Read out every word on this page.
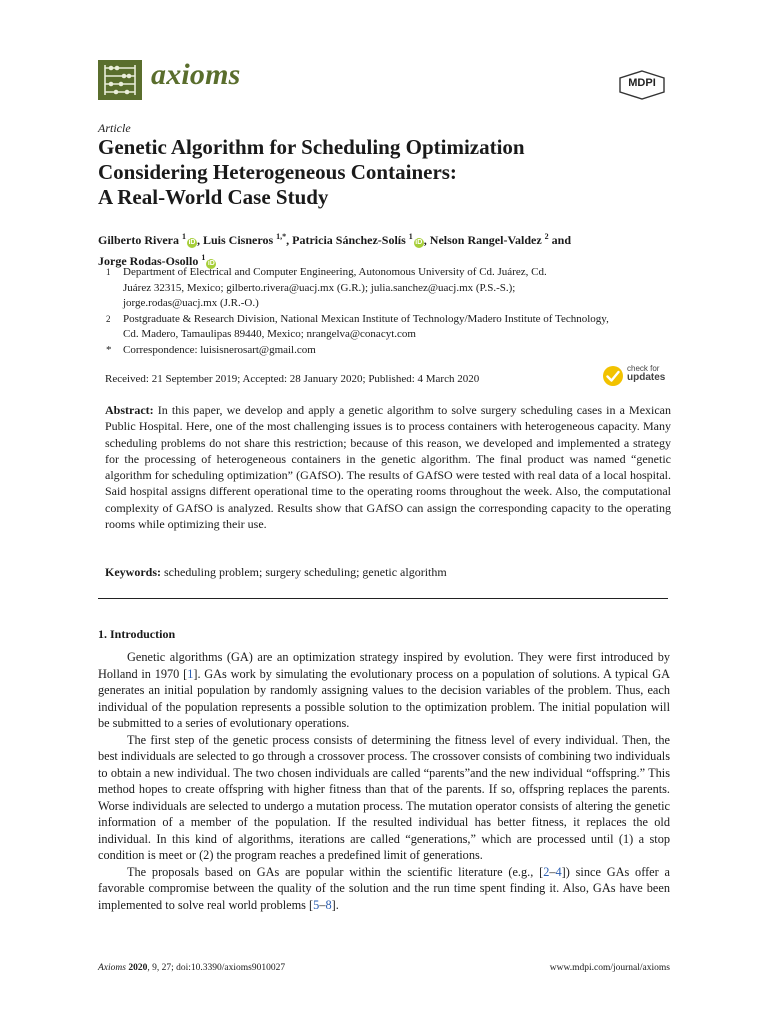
axioms	MDPI
Article
Genetic Algorithm for Scheduling Optimization
Considering Heterogeneous Containers:
A Real-World Case Study
Gilberto Rivera $^1$iD , Luis Cisneros $^{1,*}$, Patricia Sánchez-Solís $^1$iD , Nelson Rangel-Valdez $^2$ and
Jorge Rodas-Osollo $^1$iD
1	Department of Electrical and Computer Engineering, Autonomous University of Cd. Juárez, Cd.
Juárez 32315, Mexico; gilberto.rivera@uacj.mx (G.R.); julia.sanchez@uacj.mx (P.S.-S.);
jorge.rodas@uacj.mx (J.R.-O.)
2	Postgraduate & Research Division, National Mexican Institute of Technology/Madero Institute of Technology,
Cd. Madero, Tamaulipas 89440, Mexico; nrangelva@conacyt.com
*	Correspondence: luisisnerosart@gmail.com
Received: 21 September 2019; Accepted: 28 January 2020; Published: 4 March 2020
check for
updates
Abstract: In this paper, we develop and apply a genetic algorithm to solve surgery scheduling cases in a Mexican Public Hospital. Here, one of the most challenging issues is to process containers with heterogeneous capacity. Many scheduling problems do not share this restriction; because of this reason, we developed and implemented a strategy for the processing of heterogeneous containers in the genetic algorithm. The final product was named “genetic algorithm for scheduling optimization” (GAfSO). The results of GAfSO were tested with real data of a local hospital. Said hospital assigns different operational time to the operating rooms throughout the week. Also, the computational complexity of GAfSO is analyzed. Results show that GAfSO can assign the corresponding capacity to the operating rooms while optimizing their use.
Keywords: scheduling problem; surgery scheduling; genetic algorithm
1. Introduction

Genetic algorithms (GA) are an optimization strategy inspired by evolution. They were first introduced by Holland in 1970 [1]. GAs work by simulating the evolutionary process on a population of solutions. A typical GA generates an initial population by randomly assigning values to the decision variables of the problem. Thus, each individual of the population represents a possible solution to the optimization problem. The initial population will be submitted to a series of evolutionary operations.

The first step of the genetic process consists of determining the fitness level of every individual. Then, the best individuals are selected to go through a crossover process. The crossover consists of combining two individuals to obtain a new individual. The two chosen individuals are called “parents”and the new individual “offspring.” This method hopes to create offspring with higher fitness than that of the parents. If so, offspring replaces the parents. Worse individuals are selected to undergo a mutation process. The mutation operator consists of altering the genetic information of a member of the population. If the resulted individual has better fitness, it replaces the old individual. In this kind of algorithms, iterations are called “generations,” which are processed until (1) a stop condition is meet or (2) the program reaches a predefined limit of generations.

The proposals based on GAs are popular within the scientific literature (e.g., [2–4]) since GAs offer a favorable compromise between the quality of the solution and the run time spent finding it. Also, GAs have been implemented to solve real world problems [5–8].

Axioms 2020, 9, 27; doi:10.3390/axioms9010027	www.mdpi.com/journal/axioms
